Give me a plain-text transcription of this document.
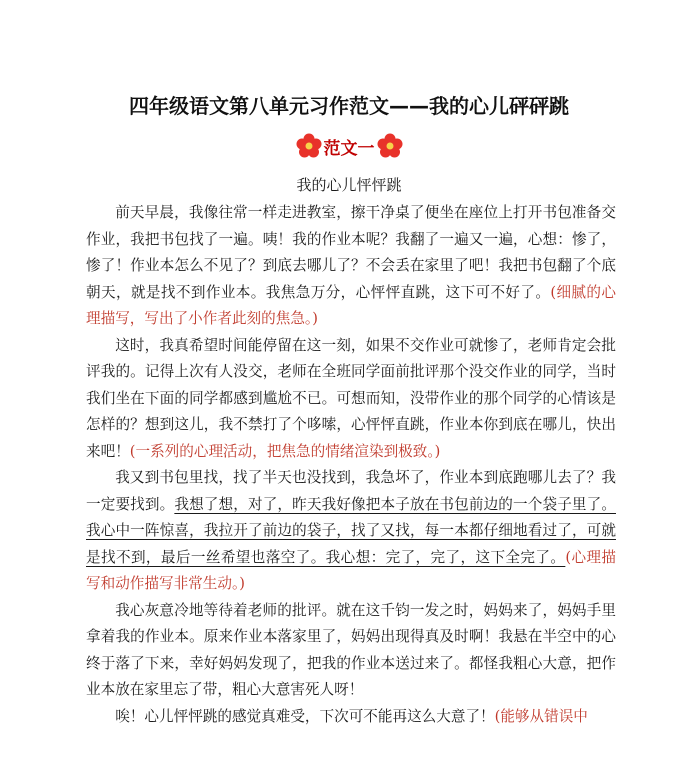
四年级语文第八单元习作范文——我的心儿砰砰跳
范文一
我的心儿怦怦跳

前天早晨，我像往常一样走进教室，擦干净桌了便坐在座位上打开书包准备交作业，我把书包找了一遍。咦！我的作业本呢？我翻了一遍又一遍，心想：惨了，惨了！作业本怎么不见了？到底去哪儿了？不会丢在家里了吧！我把书包翻了个底朝天，就是找不到作业本。我焦急万分，心怦怦直跳，这下可不好了。(细腻的心理描写，写出了小作者此刻的焦急。)

这时，我真希望时间能停留在这一刻，如果不交作业可就惨了，老师肯定会批评我的。记得上次有人没交，老师在全班同学面前批评那个没交作业的同学，当时我们坐在下面的同学都感到尴尬不已。可想而知，没带作业的那个同学的心情该是怎样的？想到这儿，我不禁打了个哆嗦，心怦怦直跳，作业本你到底在哪儿，快出来吧！(一系列的心理活动，把焦急的情绪渲染到极致。)

我又到书包里找，找了半天也没找到，我急坏了，作业本到底跑哪儿去了？我一定要找到。我想了想，对了，昨天我好像把本子放在书包前边的一个袋子里了。我心中一阵惊喜，我拉开了前边的袋子，找了又找，每一本都仔细地看过了，可就是找不到，最后一丝希望也落空了。我心想：完了，完了，这下全完了。(心理描写和动作描写非常生动。)

我心灰意冷地等待着老师的批评。就在这千钧一发之时，妈妈来了，妈妈手里拿着我的作业本。原来作业本落家里了，妈妈出现得真及时啊！我悬在半空中的心终于落了下来，幸好妈妈发现了，把我的作业本送过来了。都怪我粗心大意，把作业本放在家里忘了带，粗心大意害死人呀！

唉！心儿怦怦跳的感觉真难受，下次可不能再这么大意了！(能够从错误中
